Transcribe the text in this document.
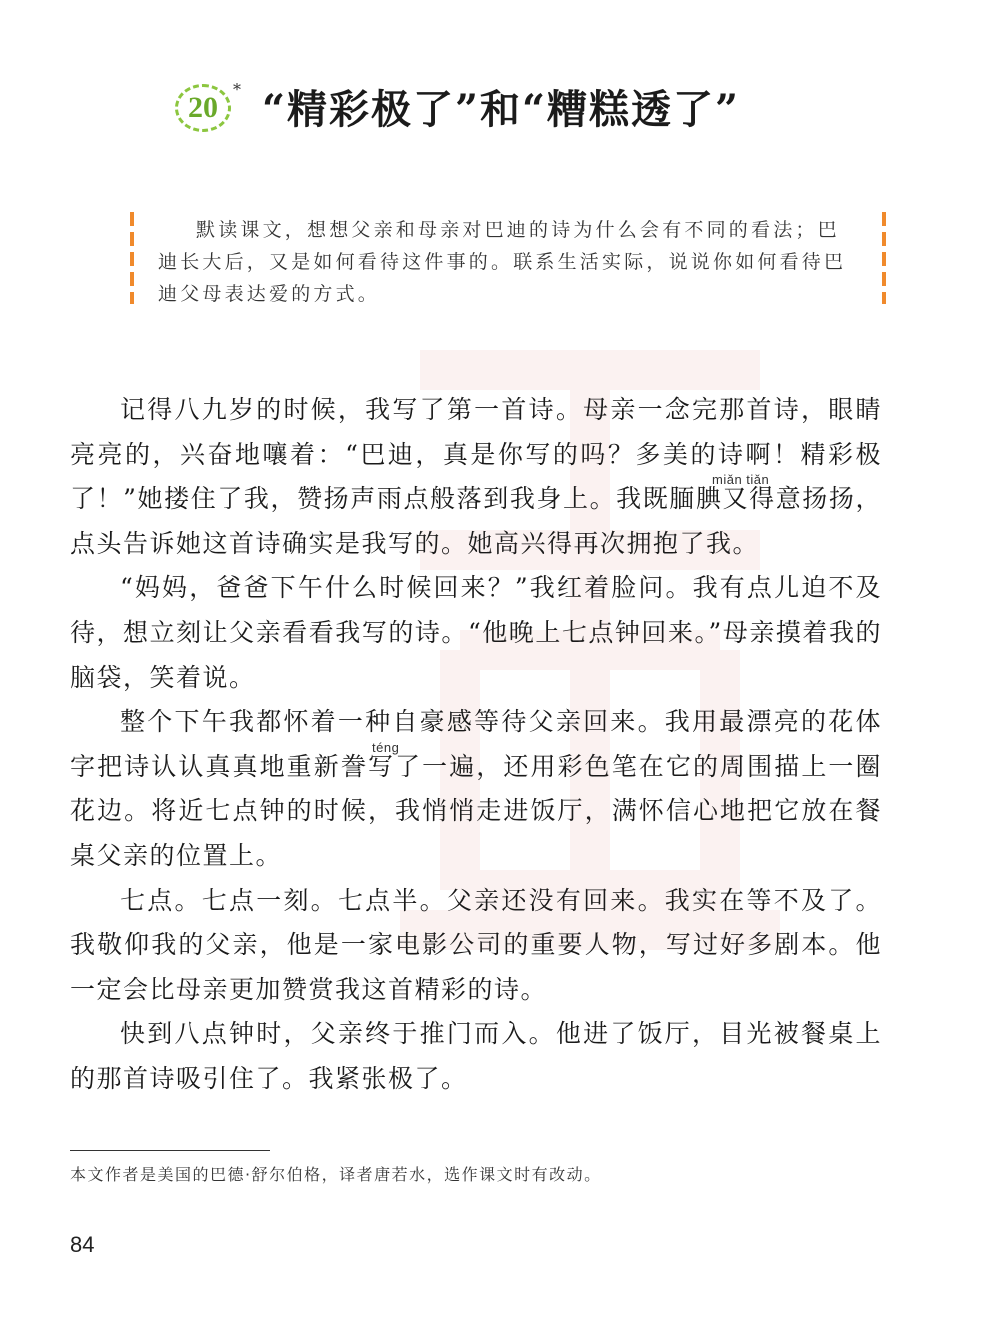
20
* “精彩极了”和“糟糕透了”
默读课文，想想父亲和母亲对巴迪的诗为什么会有不同的看法；巴迪长大后，又是如何看待这件事的。联系生活实际，说说你如何看待巴迪父母表达爱的方式。

记得八九岁的时候，我写了第一首诗。母亲一念完那首诗，眼睛亮亮的，兴奋地嚷着：“巴迪，真是你写的吗？多美的诗啊！精彩极了！”她搂住了我，赞扬声雨点般落到我身上。我既腼腆又得意扬扬，点头告诉她这首诗确实是我写的。她高兴得再次拥抱了我。

“妈妈，爸爸下午什么时候回来？”我红着脸问。我有点儿迫不及待，想立刻让父亲看看我写的诗。“他晚上七点钟回来。”母亲摸着我的脑袋，笑着说。

整个下午我都怀着一种自豪感等待父亲回来。我用最漂亮的花体字把诗认认真真地重新誊写了一遍，还用彩色笔在它的周围描上一圈花边。将近七点钟的时候，我悄悄走进饭厅，满怀信心地把它放在餐桌父亲的位置上。

七点。七点一刻。七点半。父亲还没有回来。我实在等不及了。我敬仰我的父亲，他是一家电影公司的重要人物，写过好多剧本。他一定会比母亲更加赞赏我这首精彩的诗。

快到八点钟时，父亲终于推门而入。他进了饭厅，目光被餐桌上的那首诗吸引住了。我紧张极了。

miǎn tiǎn
téng
本文作者是美国的巴德·舒尔伯格，译者唐若水，选作课文时有改动。
84
